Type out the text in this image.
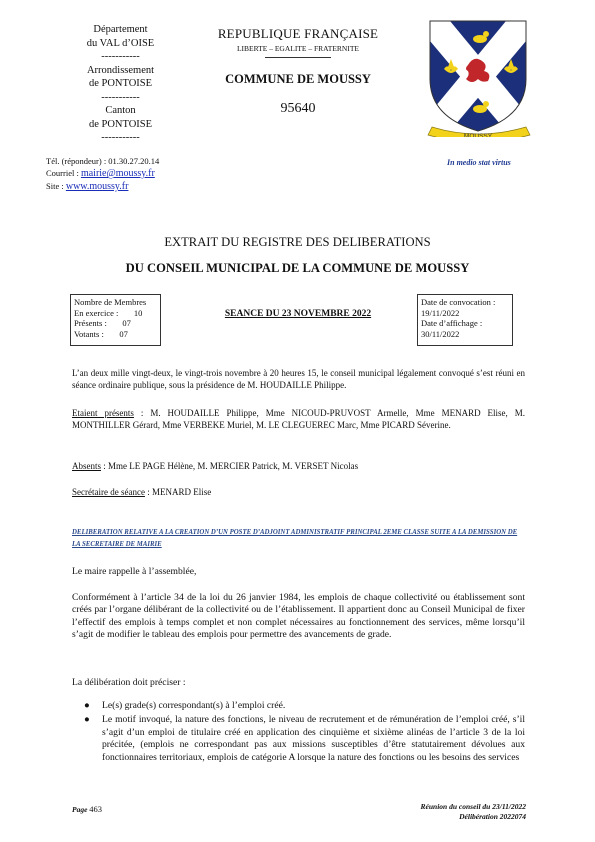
Département
du VAL d’OISE
-----------
Arrondissement
de PONTOISE
-----------
Canton
de PONTOISE
-----------
REPUBLIQUE FRANÇAISE
LIBERTE – EGALITE – FRATERNITE
COMMUNE DE MOUSSY
95640
MOUSSY
In medio stat virtus
Tél. (répondeur) : 01.30.27.20.14
Courriel : mairie@moussy.fr
Site : www.moussy.fr
EXTRAIT DU REGISTRE DES DELIBERATIONS
DU CONSEIL MUNICIPAL DE LA COMMUNE DE MOUSSY
Nombre de Membres
En exercice : 10
Présents : 07
Votants : 07
SEANCE DU 23 NOVEMBRE 2022
Date de convocation :
19/11/2022
Date d’affichage :
30/11/2022
L’an deux mille vingt-deux, le vingt-trois novembre à 20 heures 15, le conseil municipal légalement convoqué s’est réuni en séance ordinaire publique, sous la présidence de M. HOUDAILLE Philippe.
Etaient présents : M. HOUDAILLE Philippe, Mme NICOUD-PRUVOST Armelle, Mme MENARD Elise, M. MONTHILLER Gérard, Mme VERBEKE Muriel, M. LE CLEGUEREC Marc, Mme PICARD Séverine.
Absents : Mme LE PAGE Hélène, M. MERCIER Patrick, M. VERSET Nicolas
Secrétaire de séance : MENARD Elise
DELIBERATION RELATIVE A LA CREATION D’UN POSTE D’ADJOINT ADMINISTRATIF PRINCIPAL 2EME CLASSE SUITE A LA DEMISSION DE LA SECRETAIRE DE MAIRIE
Le maire rappelle à l’assemblée,
Conformément à l’article 34 de la loi du 26 janvier 1984, les emplois de chaque collectivité ou établissement sont créés par l’organe délibérant de la collectivité ou de l’établissement. Il appartient donc au Conseil Municipal de fixer l’effectif des emplois à temps complet et non complet nécessaires au fonctionnement des services, même lorsqu’il s’agit de modifier le tableau des emplois pour permettre des avancements de grade.
La délibération doit préciser :
● Le(s) grade(s) correspondant(s) à l’emploi créé.
● Le motif invoqué, la nature des fonctions, le niveau de recrutement et de rémunération de l’emploi créé, s’il s’agit d’un emploi de titulaire créé en application des cinquième et sixième alinéas de l’article 3 de la loi précitée, (emplois ne correspondant pas aux missions susceptibles d’être statutairement dévolues aux fonctionnaires territoriaux, emplois de catégorie A lorsque la nature des fonctions ou les besoins des services
Page 463	Réunion du conseil du 23/11/2022
Délibération 2022074
